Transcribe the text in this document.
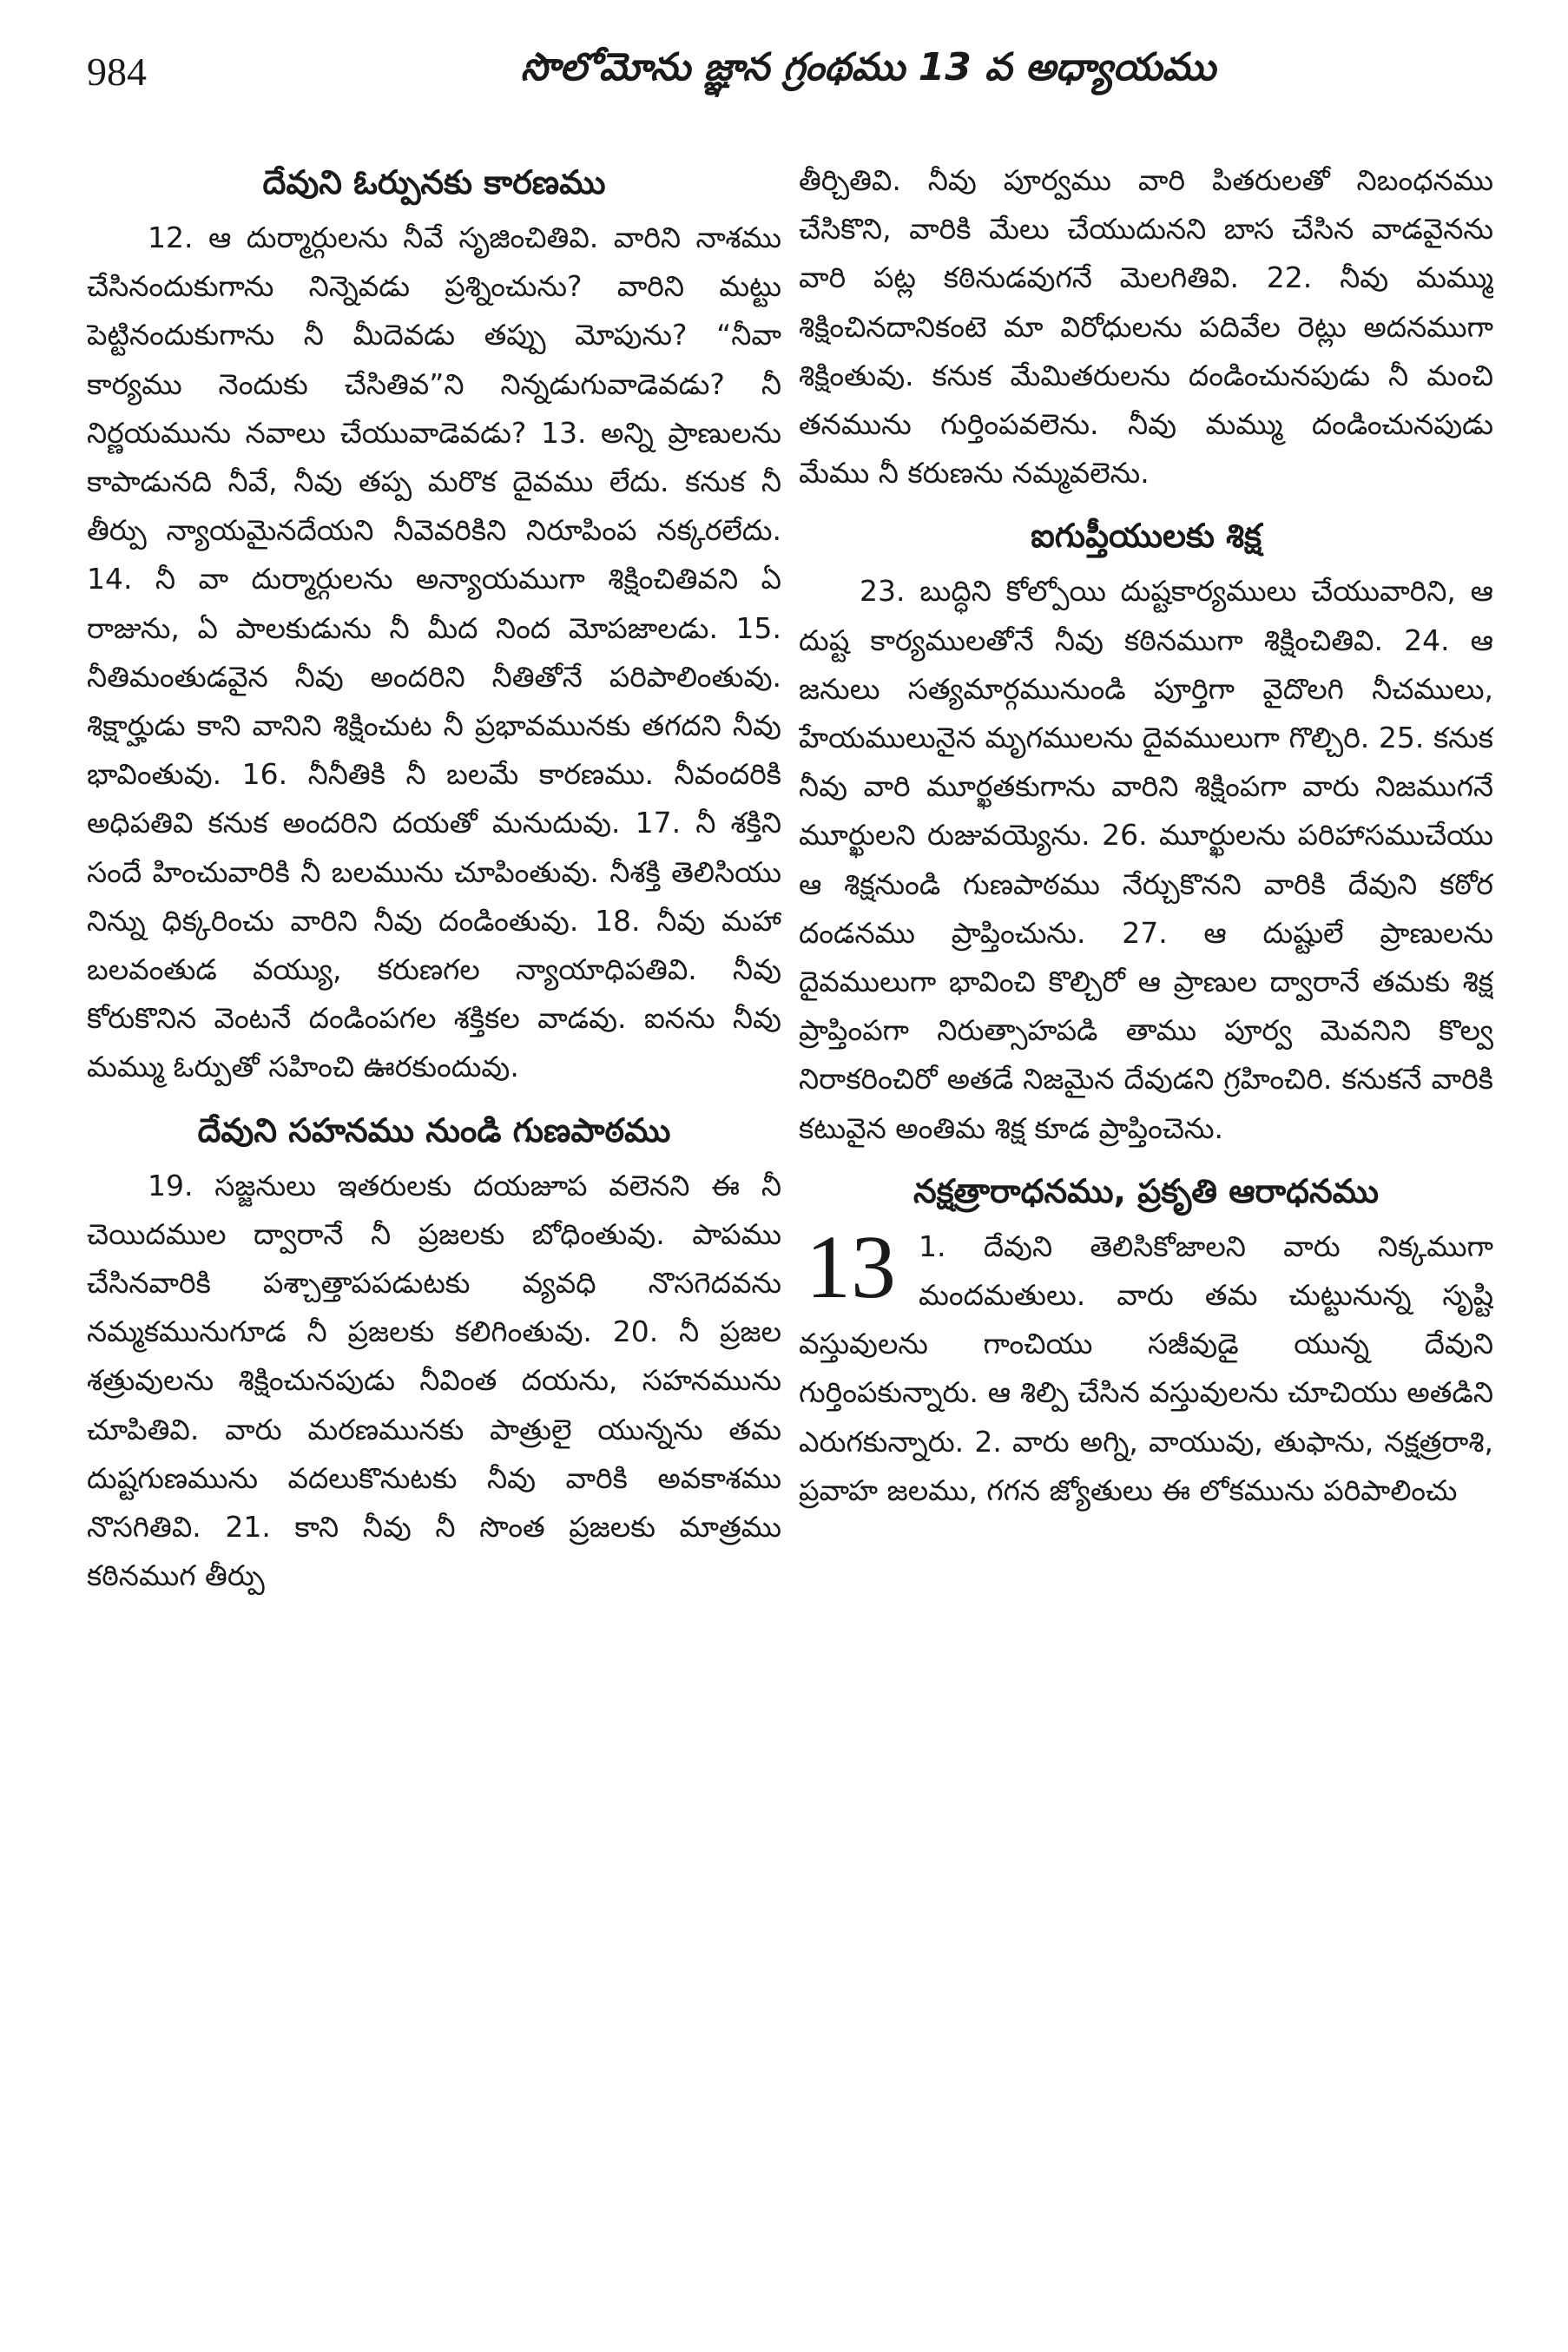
984	సొలోమోను జ్ఞాన గ్రంథము 13 వ అధ్యాయము
దేవుని ఓర్పునకు కారణము

12. ఆ దుర్మార్గులను నీవే సృజించితివి. వారిని నాశము చేసినందుకుగాను నిన్నెవడు ప్రశ్నించును? వారిని మట్టు పెట్టినందుకుగాను నీ మీదెవడు తప్పు మోపును? “నీవా కార్యము నెందుకు చేసితివ”ని నిన్నడుగువాడెవడు? నీ నిర్ణయమును నవాలు చేయువాడెవడు? 13. అన్ని ప్రాణులను కాపాడునది నీవే, నీవు తప్ప మరొక దైవము లేదు. కనుక నీ తీర్పు న్యాయమైనదేయని నీవెవరికిని నిరూపింప నక్కరలేదు. 14. నీ వా దుర్మార్గులను అన్యాయముగా శిక్షించితివని ఏ రాజును, ఏ పాలకుడును నీ మీద నింద మోపజాలడు. 15. నీతిమంతుడవైన నీవు అందరిని నీతితోనే పరిపాలింతువు. శిక్షార్హుడు కాని వానిని శిక్షించుట నీ ప్రభావమునకు తగదని నీవు భావింతువు. 16. నీనీతికి నీ బలమే కారణము. నీవందరికి అధిపతివి కనుక అందరిని దయతో మనుదువు. 17. నీ శక్తిని సందే హించువారికి నీ బలమును చూపింతువు. నీశక్తి తెలిసియు నిన్ను ధిక్కరించు వారిని నీవు దండింతువు. 18. నీవు మహా బలవంతుడ వయ్యు, కరుణగల న్యాయాధిపతివి. నీవు కోరుకొనిన వెంటనే దండింపగల శక్తికల వాడవు. ఐనను నీవు మమ్ము ఓర్పుతో సహించి ఊరకుందువు.

దేవుని సహనము నుండి గుణపాఠము

19. సజ్జనులు ఇతరులకు దయజూప వలెనని ఈ నీ చెయిదముల ద్వారానే నీ ప్రజలకు బోధింతువు. పాపము చేసినవారికి పశ్చాత్తాపపడుటకు వ్యవధి నొసగెదవను నమ్మకమునుగూడ నీ ప్రజలకు కలిగింతువు. 20. నీ ప్రజల శత్రువులను శిక్షించునపుడు నీవింత దయను, సహనమును చూపితివి. వారు మరణమునకు పాత్రులై యున్నను తమ దుష్టగుణమును వదలుకొనుటకు నీవు వారికి అవకాశము నొసగితివి. 21. కాని నీవు నీ సొంత ప్రజలకు మాత్రము కఠినముగ తీర్పు

తీర్చితివి. నీవు పూర్వము వారి పితరులతో నిబంధనము చేసికొని, వారికి మేలు చేయుదునని బాస చేసిన వాడవైనను వారి పట్ల కఠినుడవుగనే మెలగితివి. 22. నీవు మమ్ము శిక్షించినదానికంటె మా విరోధులను పదివేల రెట్లు అదనముగా శిక్షింతువు. కనుక మేమితరులను దండించునపుడు నీ మంచి తనమును గుర్తింపవలెను. నీవు మమ్ము దండించునపుడు మేము నీ కరుణను నమ్మవలెను.

ఐగుప్తీయులకు శిక్ష

23. బుద్ధిని కోల్పోయి దుష్టకార్యములు చేయువారిని, ఆ దుష్ట కార్యములతోనే నీవు కఠినముగా శిక్షించితివి. 24. ఆ జనులు సత్యమార్గమునుండి పూర్తిగా వైదొలగి నీచములు, హేయములునైన మృగములను దైవములుగా గొల్చిరి. 25. కనుక నీవు వారి మూర్ఖతకుగాను వారిని శిక్షింపగా వారు నిజముగనే మూర్ఖులని రుజువయ్యెను. 26. మూర్ఖులను పరిహాసముచేయు ఆ శిక్షనుండి గుణపాఠము నేర్చుకొనని వారికి దేవుని కఠోర దండనము ప్రాప్తించును. 27. ఆ దుష్టులే ప్రాణులను దైవములుగా భావించి కొల్చిరో ఆ ప్రాణుల ద్వారానే తమకు శిక్ష ప్రాప్తింపగా నిరుత్సాహపడి తాము పూర్వ మెవనిని కొల్వ నిరాకరించిరో అతడే నిజమైన దేవుడని గ్రహించిరి. కనుకనే వారికి కటువైన అంతిమ శిక్ష కూడ ప్రాప్తించెను.

నక్షత్రారాధనము, ప్రకృతి ఆరాధనము
13 1. దేవుని తెలిసికోజాలని వారు నిక్కముగా మందమతులు. వారు తమ చుట్టునున్న సృష్టి వస్తువులను గాంచియు సజీవుడై యున్న దేవుని గుర్తింపకున్నారు. ఆ శిల్పి చేసిన వస్తువులను చూచియు అతడిని ఎరుగకున్నారు. 2. వారు అగ్ని, వాయువు, తుఫాను, నక్షత్రరాశి, ప్రవాహ జలము, గగన జ్యోతులు ఈ లోకమును పరిపాలించు
